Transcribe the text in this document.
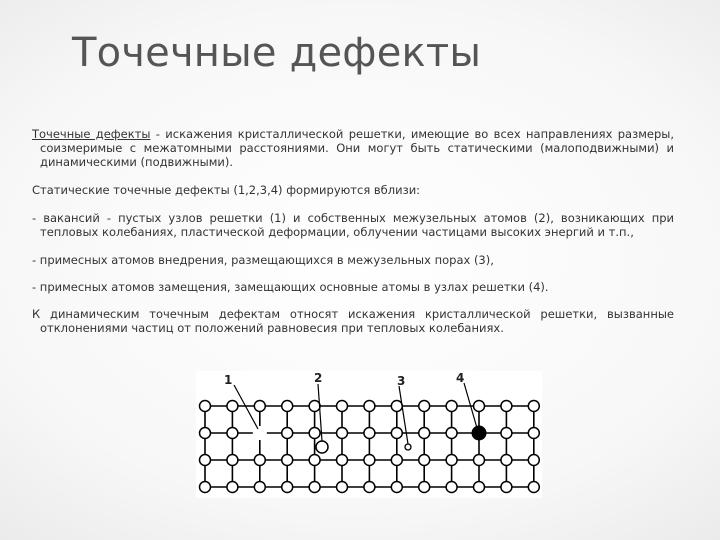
Точечные дефекты

Точечные дефекты - искажения кристаллической решетки, имеющие во всех направлениях размеры, соизмеримые с межатомными расстояниями. Они могут быть статическими (малоподвижными) и динамическими (подвижными).

Статические точечные дефекты (1,2,3,4) формируются вблизи:

- вакансий - пустых узлов решетки (1) и собственных межузельных атомов (2), возникающих при тепловых колебаниях, пластической деформации, облучении частицами высоких энергий и т.п.,

- примесных атомов внедрения, размещающихся в межузельных порах (3),

- примесных атомов замещения, замещающих основные атомы в узлах решетки (4).

К динамическим точечным дефектам относят искажения кристаллической решетки, вызванные отклонениями частиц от положений равновесия при тепловых колебаниях.

1	2	3	4
